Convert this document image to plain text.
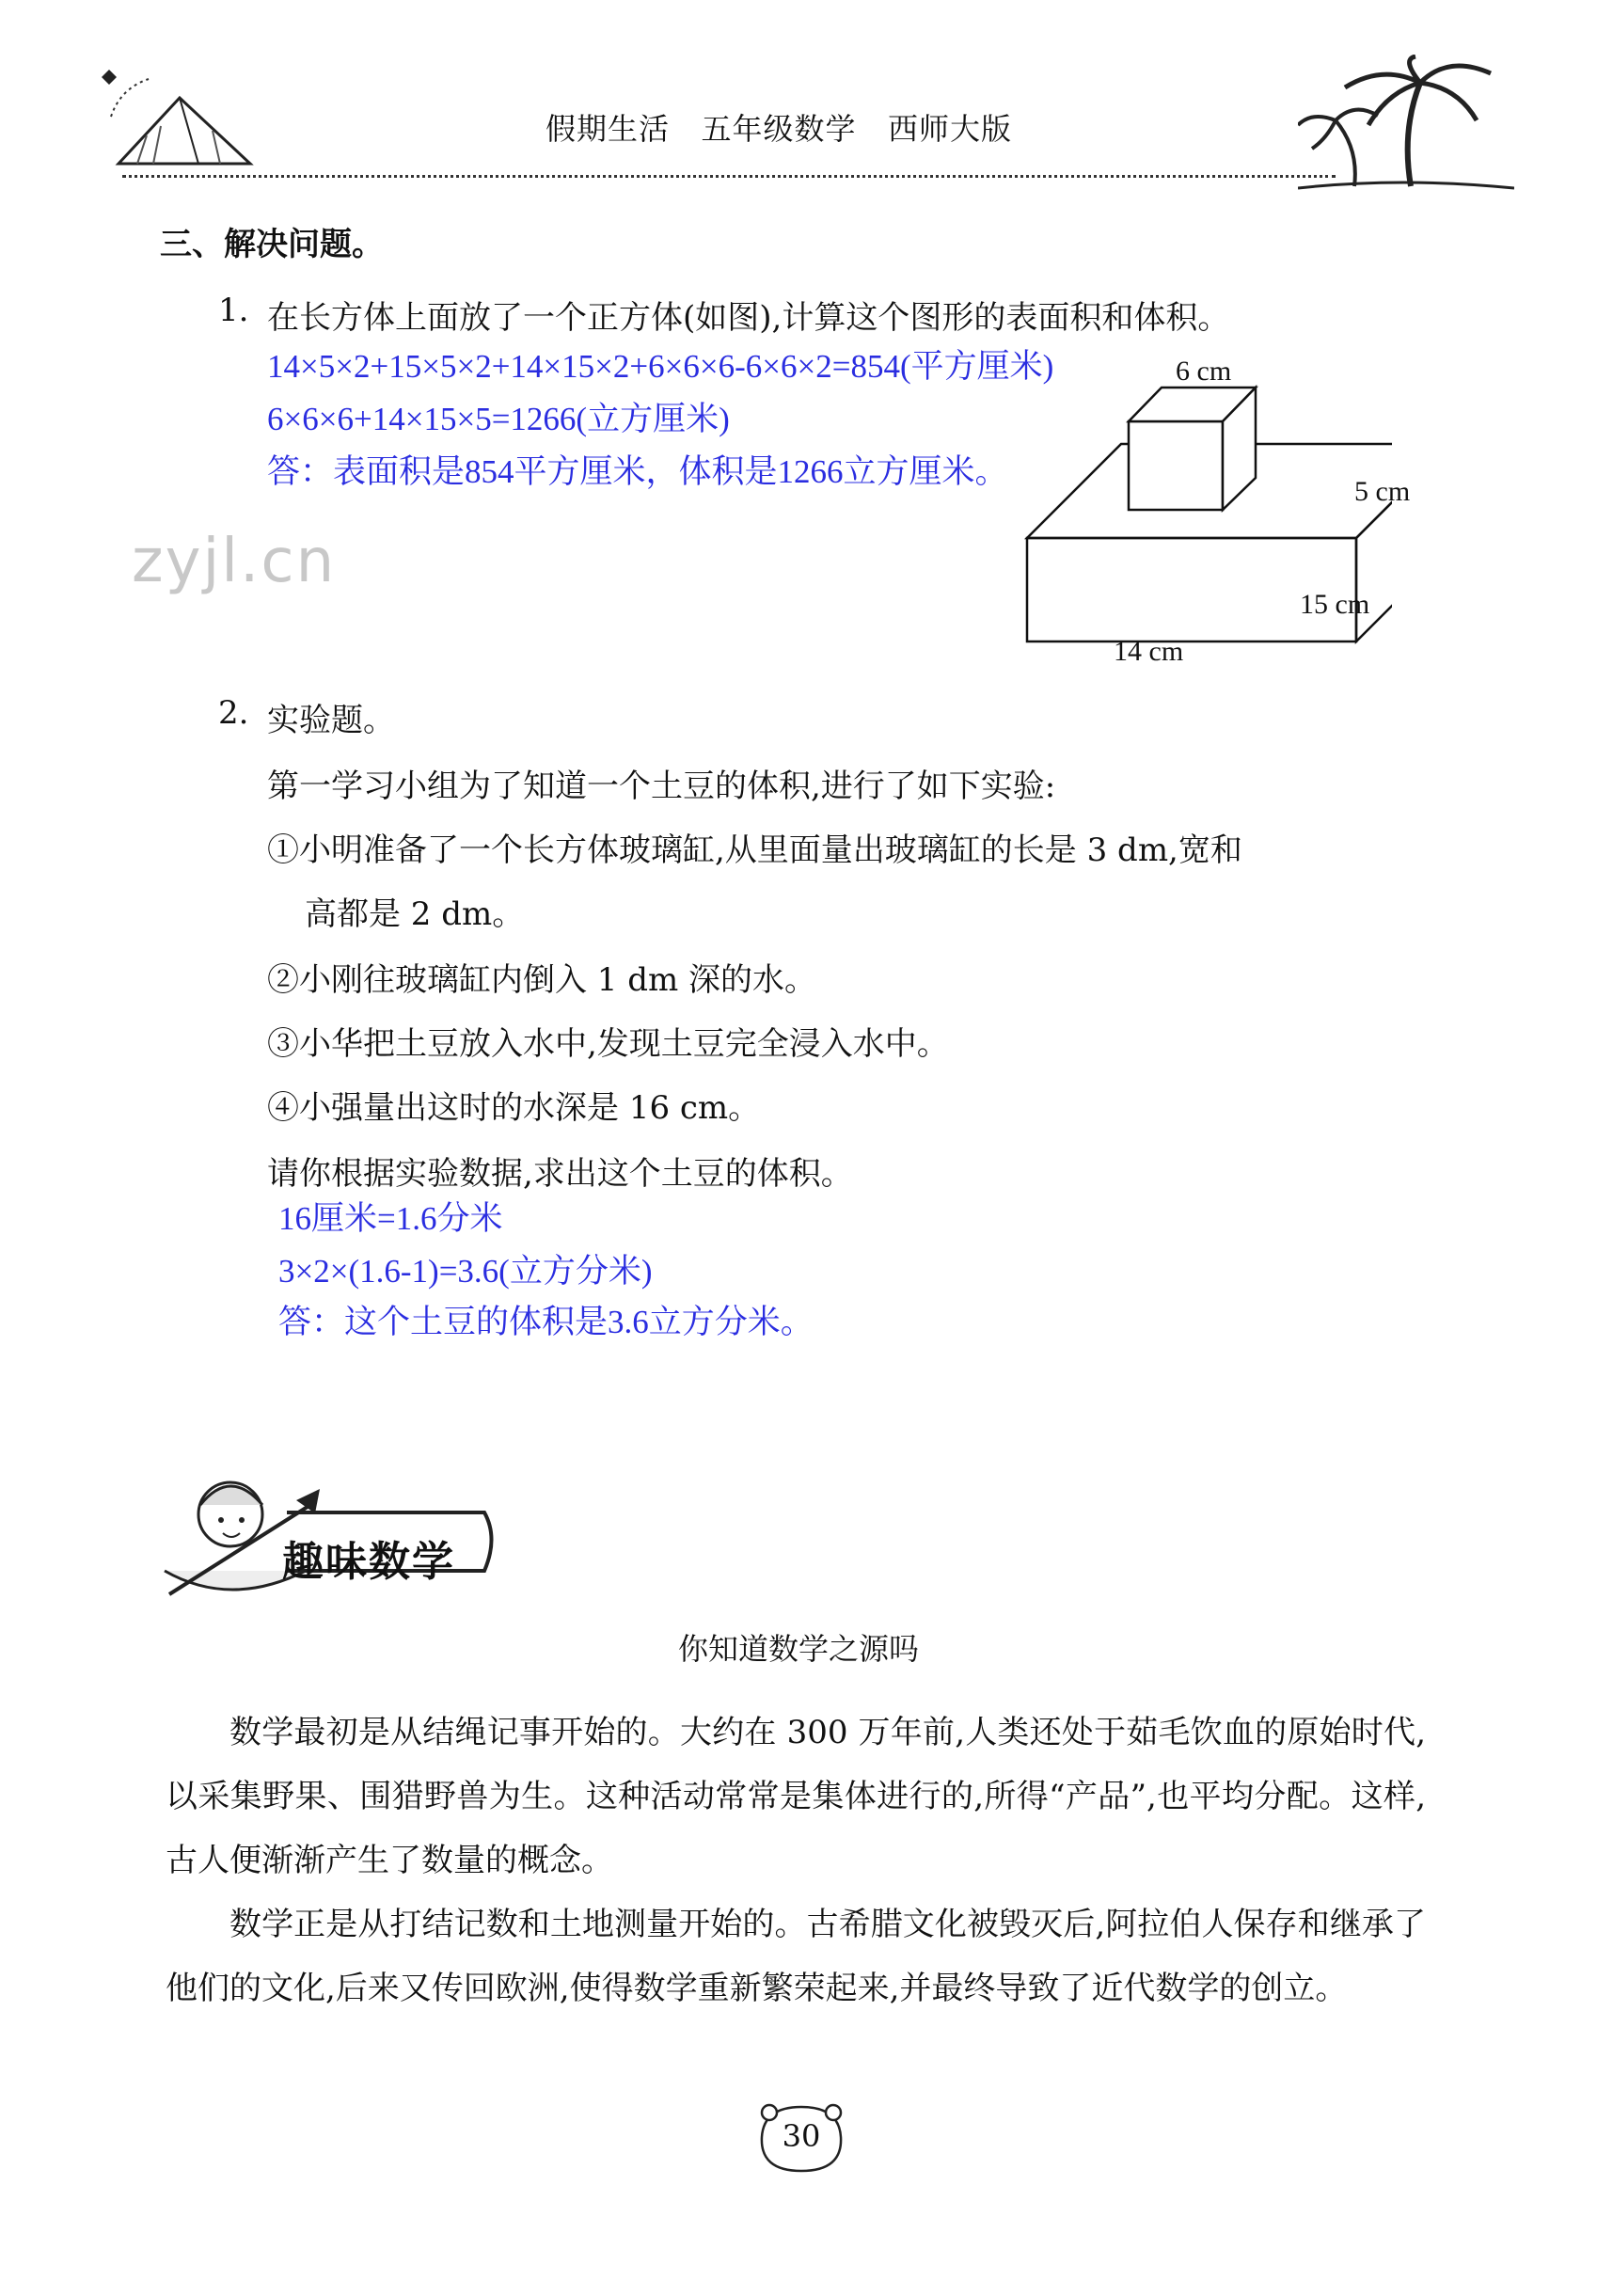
假期生活   五年级数学   西师大版
三、解决问题。
1. 在长方体上面放了一个正方体(如图),计算这个图形的表面积和体积。
14×5×2+15×5×2+14×15×2+6×6×6-6×6×2=854(平方厘米)
6×6×6+14×15×5=1266(立方厘米)
答：表面积是854平方厘米，体积是1266立方厘米。
6 cm
5 cm
15 cm
14 cm
zyjl.cn
2. 实验题。
第一学习小组为了知道一个土豆的体积,进行了如下实验:
①小明准备了一个长方体玻璃缸,从里面量出玻璃缸的长是 3 dm,宽和
高都是 2 dm。
②小刚往玻璃缸内倒入 1 dm 深的水。
③小华把土豆放入水中,发现土豆完全浸入水中。
④小强量出这时的水深是 16 cm。
请你根据实验数据,求出这个土豆的体积。
16厘米=1.6分米
3×2×(1.6-1)=3.6(立方分米)
答：这个土豆的体积是3.6立方分米。
趣味数学
你知道数学之源吗
数学最初是从结绳记事开始的。大约在 300 万年前,人类还处于茹毛饮血的原始时代,以采集野果、围猎野兽为生。这种活动常常是集体进行的,所得“产品”,也平均分配。这样,古人便渐渐产生了数量的概念。
数学正是从打结记数和土地测量开始的。古希腊文化被毁灭后,阿拉伯人保存和继承了他们的文化,后来又传回欧洲,使得数学重新繁荣起来,并最终导致了近代数学的创立。
30
